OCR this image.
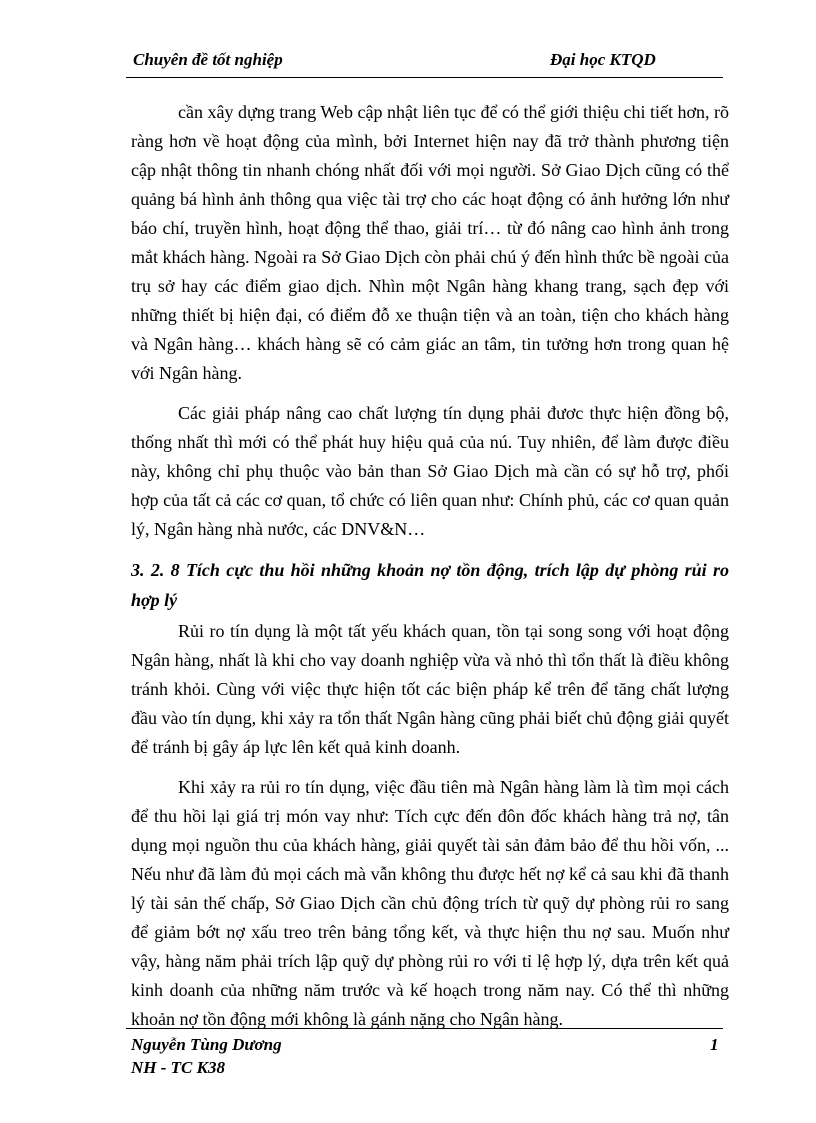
Chuyên đề tốt nghiệp	Đại học KTQD

cần xây dựng trang Web cập nhật liên tục để có thể giới thiệu chi tiết hơn, rõ ràng hơn về hoạt động của mình, bởi Internet hiện nay đã trở thành phương tiện cập nhật thông tin nhanh chóng nhất đối với mọi người. Sở Giao Dịch cũng có thể quảng bá hình ảnh thông qua việc tài trợ cho các hoạt động có ảnh hưởng lớn như báo chí, truyền hình, hoạt động thể thao, giải trí… từ đó nâng cao hình ảnh trong mắt khách hàng. Ngoài ra Sở Giao Dịch còn phải chú ý đến hình thức bề ngoài của trụ sở hay các điểm giao dịch. Nhìn một Ngân hàng khang trang, sạch đẹp với những thiết bị hiện đại, có điểm đỗ xe thuận tiện và an toàn, tiện cho khách hàng và Ngân hàng… khách hàng sẽ có cảm giác an tâm, tin tưởng hơn trong quan hệ với Ngân hàng.

Các giải pháp nâng cao chất lượng tín dụng phải đươc thực hiện đồng bộ, thống nhất thì mới có thể phát huy hiệu quả của nú. Tuy nhiên, để làm được điều này, không chỉ phụ thuộc vào bản than Sở Giao Dịch mà cần có sự hỗ trợ, phối hợp của tất cả các cơ quan, tổ chức có liên quan như: Chính phủ, các cơ quan quản lý, Ngân hàng nhà nước, các DNV&N…

3. 2. 8 Tích cực thu hồi những khoản nợ tồn động, trích lập dự phòng rủi ro hợp lý

Rủi ro tín dụng là một tất yếu khách quan, tồn tại song song với hoạt động Ngân hàng, nhất là khi cho vay doanh nghiệp vừa và nhỏ thì tổn thất là điều không tránh khỏi. Cùng với việc thực hiện tốt các biện pháp kể trên để tăng chất lượng đầu vào tín dụng, khi xảy ra tổn thất Ngân hàng cũng phải biết chủ động giải quyết để tránh bị gây áp lực lên kết quả kinh doanh.

Khi xảy ra rủi ro tín dụng, việc đầu tiên mà Ngân hàng làm là tìm mọi cách để thu hồi lại giá trị món vay như: Tích cực đến đôn đốc khách hàng trả nợ, tân dụng mọi nguồn thu của khách hàng, giải quyết tài sản đảm bảo để thu hồi vốn, ... Nếu như đã làm đủ mọi cách mà vẫn không thu được hết nợ kể cả sau khi đã thanh lý tài sản thế chấp, Sở Giao Dịch cần chủ động trích từ quỹ dự phòng rủi ro sang để giảm bớt nợ xấu treo trên bảng tổng kết, và thực hiện thu nợ sau. Muốn như vậy, hàng năm phải trích lập quỹ dự phòng rủi ro với tỉ lệ hợp lý, dựa trên kết quả kinh doanh của những năm trước và kế hoạch trong năm nay. Có thể thì những khoản nợ tồn động mới không là gánh nặng cho Ngân hàng.

Nguyễn Tùng Dương
NH - TC K38
1
